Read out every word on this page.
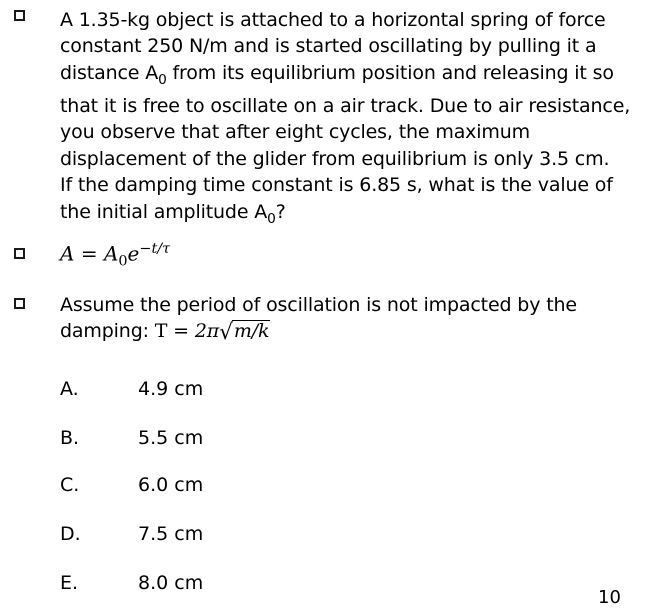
A 1.35-kg object is attached to a horizontal spring of force
constant 250 N/m and is started oscillating by pulling it a
distance $A_0$ from its equilibrium position and releasing it so
that it is free to oscillate on a air track. Due to air resistance,
you observe that after eight cycles, the maximum
displacement of the glider from equilibrium is only 3.5 cm.
If the damping time constant is 6.85 s, what is the value of
the initial amplitude $A_0$?
$A = A_0e^{-t/\tau}$
Assume the period of oscillation is not impacted by the
damping: T = 2π√m/k
A.	4.9 cm
B.	5.5 cm
C.	6.0 cm
D.	7.5 cm
E.	8.0 cm
10
